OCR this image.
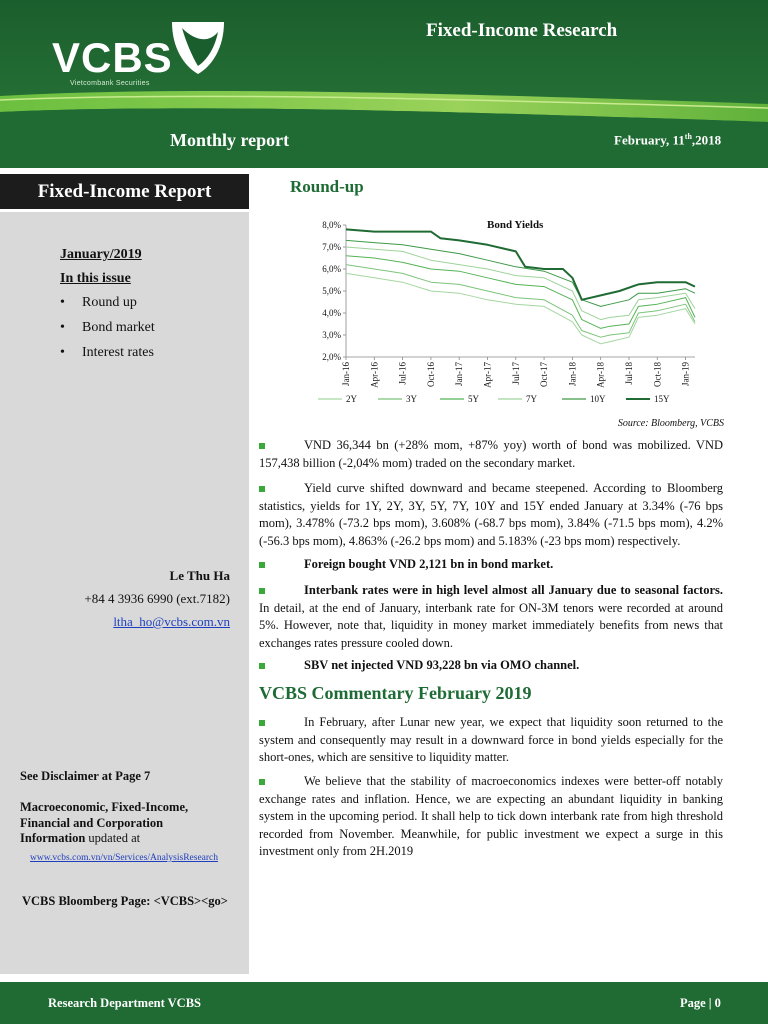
VCBS
Vietcombank Securities
Fixed-Income Research
Monthly report	February, 11th,2018
Fixed-Income Report
January/2019
In this issue
•	Round up
•	Bond market
•	Interest rates
Le Thu Ha
+84 4 3936 6990 (ext.7182)
ltha_ho@vcbs.com.vn
See Disclaimer at Page 7
Macroeconomic, Fixed-Income, Financial and Corporation Information updated at
www.vcbs.com.vn/vn/Services/AnalysisResearch
VCBS Bloomberg Page: <VCBS><go>
Round-up
2,0%
3,0%
4,0%
5,0%
6,0%
7,0%
8,0%
Jan-16 Apr-16 Jul-16 Oct-16 Jan-17 Apr-17 Jul-17 Oct-17 Jan-18 Apr-18 Jul-18 Oct-18 Jan-19
2Y	3Y	5Y	7Y	10Y	15Y
Bond Yields
Source: Bloomberg, VCBS
VND 36,344 bn (+28% mom, +87% yoy) worth of bond was mobilized. VND 157,438 billion (-2,04% mom) traded on the secondary market.
Yield curve shifted downward and became steepened. According to Bloomberg statistics, yields for 1Y, 2Y, 3Y, 5Y, 7Y, 10Y and 15Y ended January at 3.34% (-76 bps mom), 3.478% (-73.2 bps mom), 3.608% (-68.7 bps mom), 3.84% (-71.5 bps mom), 4.2% (-56.3 bps mom), 4.863% (-26.2 bps mom) and 5.183% (-23 bps mom) respectively.
Foreign bought VND 2,121 bn in bond market.
Interbank rates were in high level almost all January due to seasonal factors. In detail, at the end of January, interbank rate for ON-3M tenors were recorded at around 5%. However, note that, liquidity in money market immediately benefits from news that exchanges rates pressure cooled down.
SBV net injected VND 93,228 bn via OMO channel.
VCBS Commentary February 2019
In February, after Lunar new year, we expect that liquidity soon returned to the system and consequently may result in a downward force in bond yields especially for the short-ones, which are sensitive to liquidity matter.
We believe that the stability of macroeconomics indexes were better-off notably exchange rates and inflation. Hence, we are expecting an abundant liquidity in banking system in the upcoming period. It shall help to tick down interbank rate from high threshold recorded from November. Meanwhile, for public investment we expect a surge in this investment only from 2H.2019
Research Department VCBS	Page | 0
